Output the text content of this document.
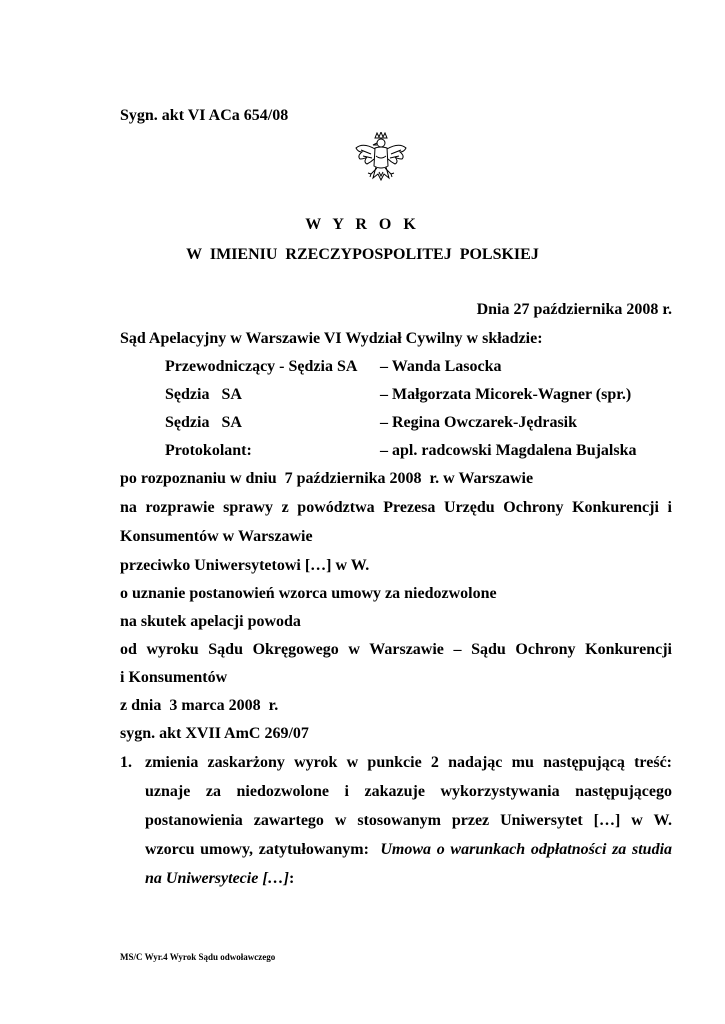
Sygn. akt VI ACa 654/08
W Y R O K
W IMIENIU RZECZYPOSPOLITEJ POLSKIEJ
Dnia 27 października 2008 r.
Sąd Apelacyjny w Warszawie VI Wydział Cywilny w składzie:
Przewodniczący - Sędzia SA – Wanda Lasocka
Sędzia   SA	– Małgorzata Micorek-Wagner (spr.)
Sędzia   SA	– Regina Owczarek-Jędrasik
Protokolant:	– apl. radcowski Magdalena Bujalska
po rozpoznaniu w dniu  7 października 2008  r. w Warszawie
na rozprawie sprawy z powództwa Prezesa Urzędu Ochrony Konkurencji i
Konsumentów w Warszawie
przeciwko Uniwersytetowi […] w W.
o uznanie postanowień wzorca umowy za niedozwolone
na skutek apelacji powoda
od wyroku Sądu Okręgowego w Warszawie – Sądu Ochrony Konkurencji
i Konsumentów
z dnia  3 marca 2008  r.
sygn. akt XVII AmC 269/07
1. zmienia zaskarżony wyrok w punkcie 2 nadając mu następującą treść:
uznaje za niedozwolone i zakazuje wykorzystywania następującego
postanowienia zawartego w stosowanym przez Uniwersytet […] w W.
wzorcu umowy, zatytułowanym:  Umowa o warunkach odpłatności za studia
na Uniwersytecie […]:
MS/C Wyr.4 Wyrok Sądu odwoławczego
